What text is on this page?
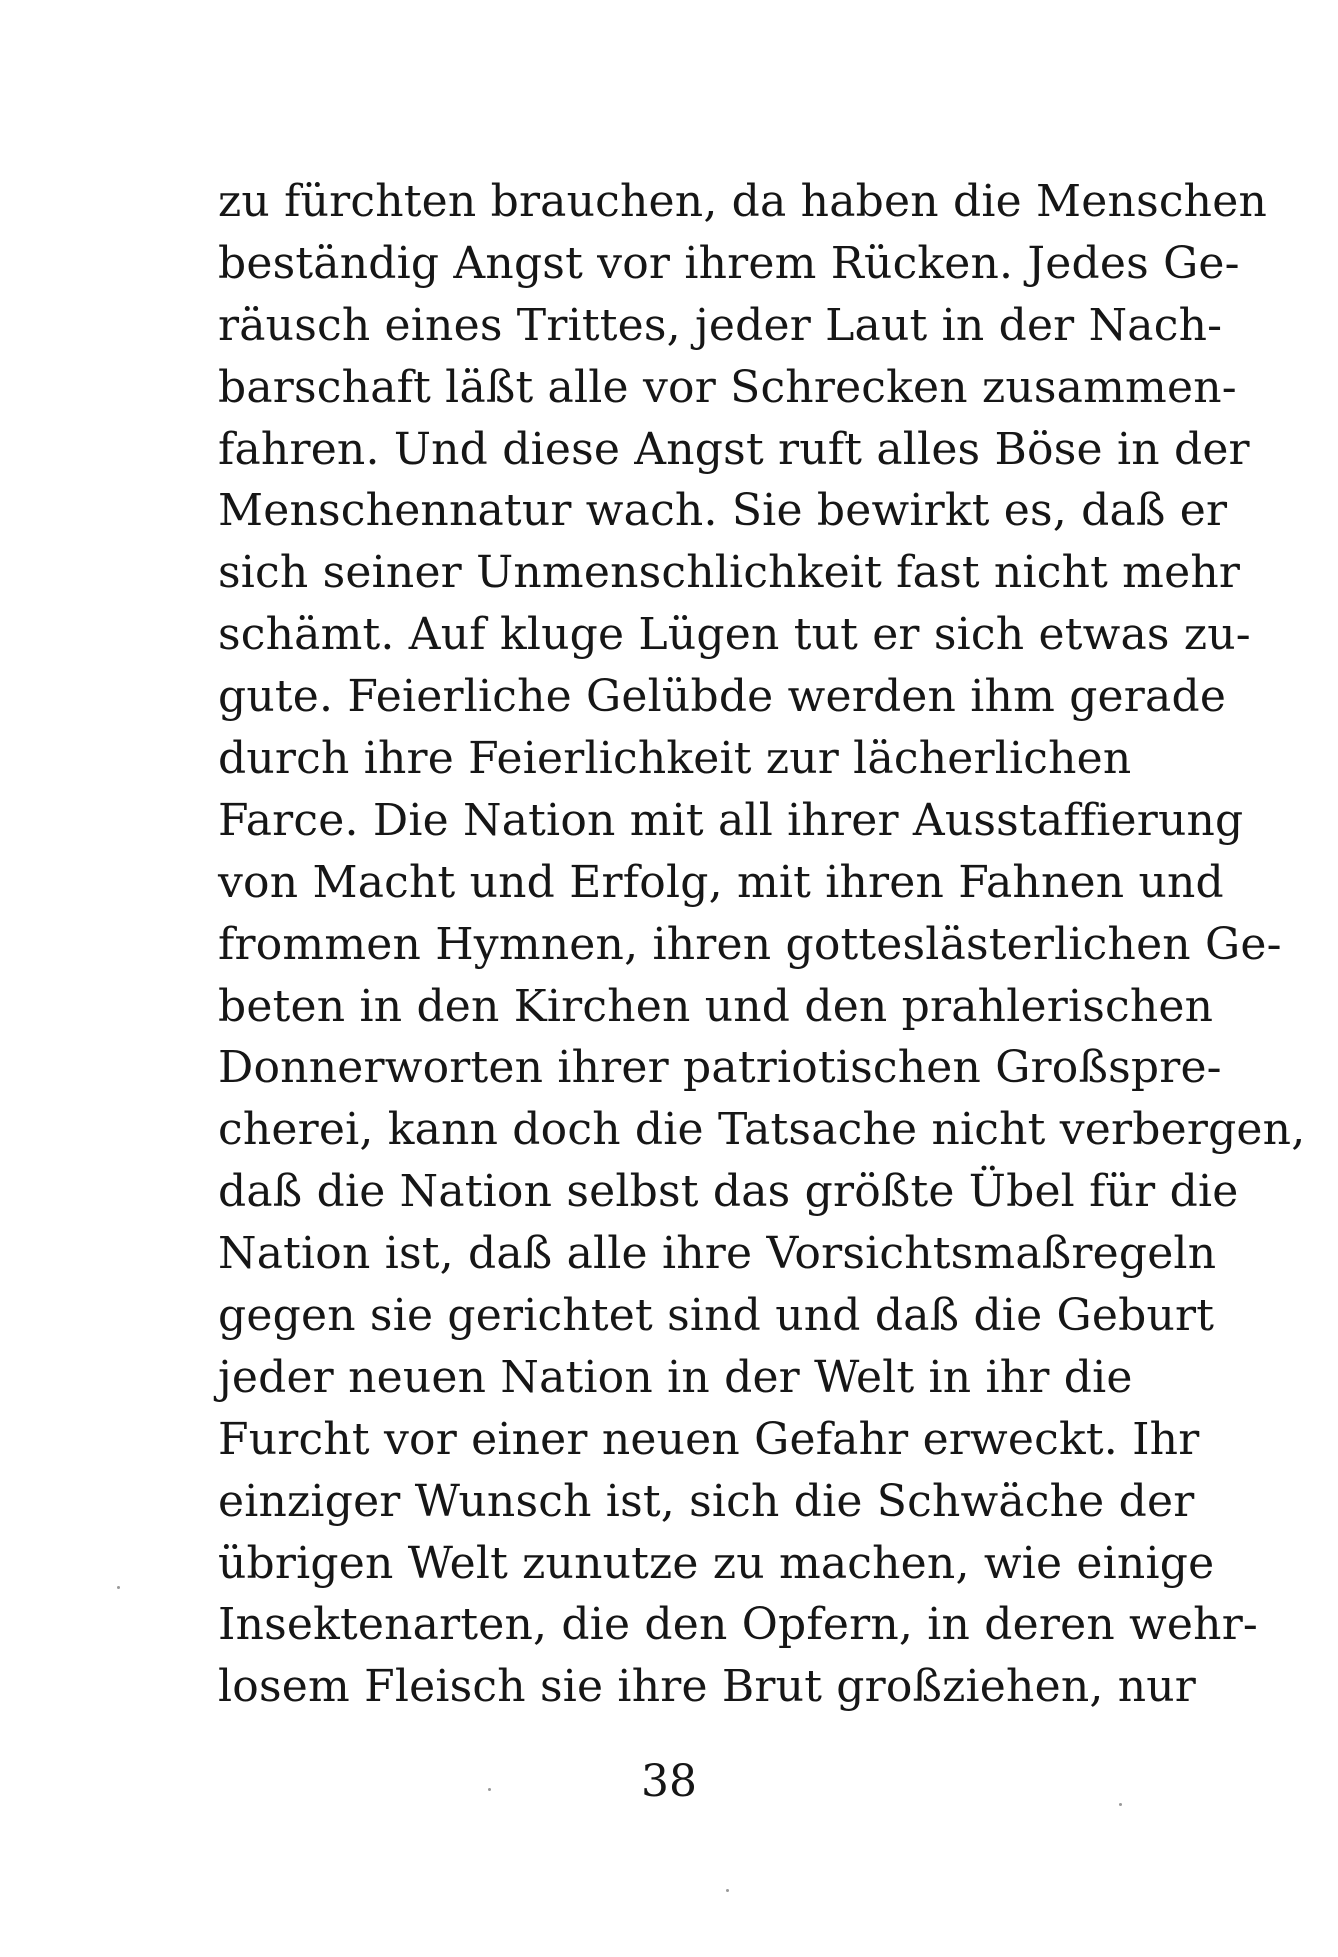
zu fürchten brauchen, da haben die Menschen
beständig Angst vor ihrem Rücken. Jedes Ge-
räusch eines Trittes, jeder Laut in der Nach-
barschaft läßt alle vor Schrecken zusammen-
fahren. Und diese Angst ruft alles Böse in der
Menschennatur wach. Sie bewirkt es, daß er
sich seiner Unmenschlichkeit fast nicht mehr
schämt. Auf kluge Lügen tut er sich etwas zu-
gute. Feierliche Gelübde werden ihm gerade
durch ihre Feierlichkeit zur lächerlichen
Farce. Die Nation mit all ihrer Ausstaffierung
von Macht und Erfolg, mit ihren Fahnen und
frommen Hymnen, ihren gotteslästerlichen Ge-
beten in den Kirchen und den prahlerischen
Donnerworten ihrer patriotischen Großspre-
cherei, kann doch die Tatsache nicht verbergen,
daß die Nation selbst das größte Übel für die
Nation ist, daß alle ihre Vorsichtsmaßregeln
gegen sie gerichtet sind und daß die Geburt
jeder neuen Nation in der Welt in ihr die
Furcht vor einer neuen Gefahr erweckt. Ihr
einziger Wunsch ist, sich die Schwäche der
übrigen Welt zunutze zu machen, wie einige
Insektenarten, die den Opfern, in deren wehr-
losem Fleisch sie ihre Brut großziehen, nur
38
